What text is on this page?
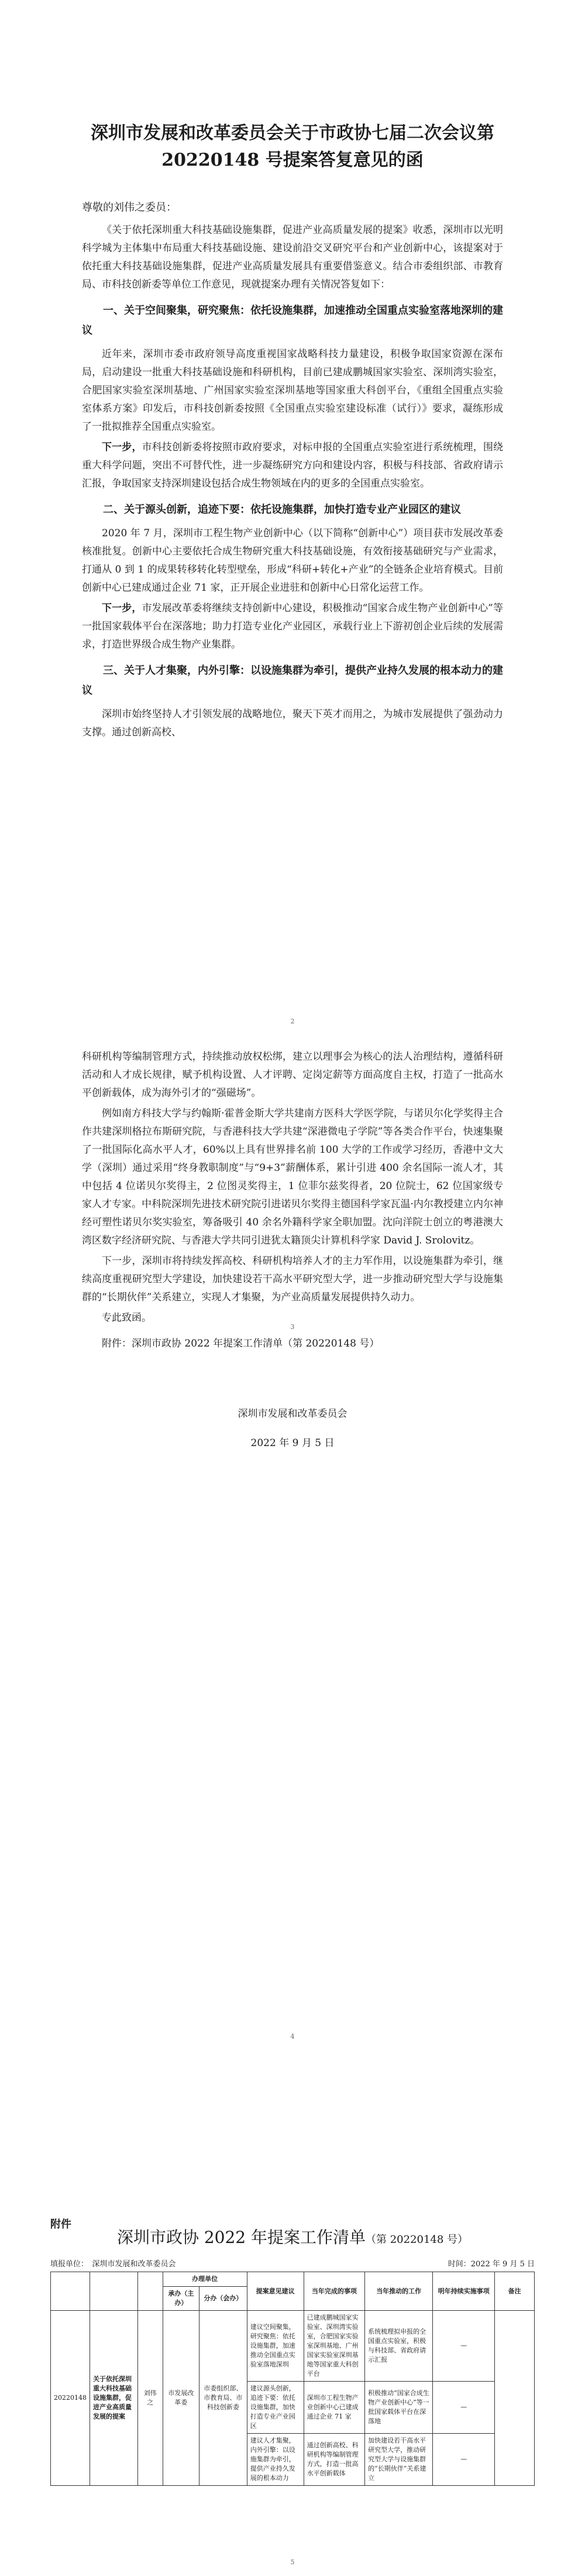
深圳市发展和改革委员会关于市政协七届二次会议第 20220148 号提案答复意见的函
尊敬的刘伟之委员：

《关于依托深圳重大科技基础设施集群，促进产业高质量发展的提案》收悉，深圳市以光明科学城为主体集中布局重大科技基础设施、建设前沿交叉研究平台和产业创新中心，该提案对于依托重大科技基础设施集群，促进产业高质量发展具有重要借鉴意义。结合市委组织部、市教育局、市科技创新委等单位工作意见，现就提案办理有关情况答复如下：

一、关于空间聚集，研究聚焦：依托设施集群，加速推动全国重点实验室落地深圳的建议

近年来，深圳市委市政府领导高度重视国家战略科技力量建设，积极争取国家资源在深布局，启动建设一批重大科技基础设施和科研机构，目前已建成鹏城国家实验室、深圳湾实验室，合肥国家实验室深圳基地、广州国家实验室深圳基地等国家重大科创平台，《重组全国重点实验室体系方案》印发后，市科技创新委按照《全国重点实验室建设标准（试行）》要求，凝练形成了一批拟推荐全国重点实验室。

下一步，市科技创新委将按照市政府要求，对标申报的全国重点实验室进行系统梳理，围绕重大科学问题，突出不可替代性，进一步凝练研究方向和建设内容，积极与科技部、省政府请示汇报，争取国家支持深圳建设包括合成生物领域在内的更多的全国重点实验室。

二、关于源头创新，追迹下要：依托设施集群，加快打造专业产业园区的建议

2020 年 7 月，深圳市工程生物产业创新中心（以下简称“创新中心”）项目获市发展改革委核准批复。创新中心主要依托合成生物研究重大科技基础设施，有效衔接基础研究与产业需求，打通从 0 到 1 的成果转移转化转型壁垒，形成“科研+转化+产业”的全链条企业培育模式。目前创新中心已建成通过企业 71 家，正开展企业进驻和创新中心日常化运营工作。

下一步，市发展改革委将继续支持创新中心建设，积极推动“国家合成生物产业创新中心”等一批国家载体平台在深落地；助力打造专业化产业园区，承载行业上下游初创企业后续的发展需求，打造世界级合成生物产业集群。

三、关于人才集聚，内外引擎：以设施集群为牵引，提供产业持久发展的根本动力的建议

深圳市始终坚持人才引领发展的战略地位，聚天下英才而用之，为城市发展提供了强劲动力支撑。通过创新高校、

2

科研机构等编制管理方式，持续推动放权松绑，建立以理事会为核心的法人治理结构，遵循科研活动和人才成长规律，赋予机构设置、人才评聘、定岗定薪等方面高度自主权，打造了一批高水平创新载体，成为海外引才的“强磁场”。

例如南方科技大学与约翰斯·霍普金斯大学共建南方医科大学医学院，与诺贝尔化学奖得主合作共建深圳格拉布斯研究院，与香港科技大学共建“深港微电子学院”等各类合作平台，快速集聚了一批国际化高水平人才，60%以上具有世界排名前 100 大学的工作或学习经历，香港中文大学（深圳）通过采用“终身教职制度”与“9+3”薪酬体系，累计引进 400 余名国际一流人才，其中包括 4 位诺贝尔奖得主，2 位图灵奖得主，1 位菲尔兹奖得者，20 位院士，62 位国家级专家人才专家。中科院深圳先进技术研究院引进诺贝尔奖得主德国科学家瓦温·内尔教授建立内尔神经可塑性诺贝尔奖实验室，筹备吸引 40 余名外籍科学家全职加盟。沈向洋院士创立的粤港澳大湾区数字经济研究院、与香港大学共同引进犹太籍顶尖计算机科学家 David J. Srolovitz。

下一步，深圳市将持续发挥高校、科研机构培养人才的主力军作用，以设施集群为牵引，继续高度重视研究型大学建设，加快建设若干高水平研究型大学，进一步推动研究型大学与设施集群的“长期伙伴”关系建立，实现人才集聚，为产业高质量发展提供持久动力。

专此致函。

附件：深圳市政协 2022 年提案工作清单（第 20220148 号）
深圳市发展和改革委员会
2022 年 9 月 5 日
3
4
附件
深圳市政协 2022 年提案工作清单（第 20220148 号）
填报单位：　深圳市发展和改革委员会	时间：2022 年 9 月 5 日
			办理单位		提案意见建议	当年完成的事项	当年推动的工作	明年持续实施事项	备注
			承办（主办）	分办（会办）					
20220148	关于依托深圳重大科技基础设施集群，促进产业高质量发展的提案	刘伟之	市发展改革委	市委组织部、市教育局、市科技创新委	建议空间聚集，研究聚焦：依托设施集群，加速推动全国重点实验室落地深圳	已建成鹏城国家实验室、深圳湾实验室，合肥国家实验室深圳基地、广州国家实验室深圳基地等国家重大科创平台	系统梳理拟申报的全国重点实验室，积极与科技部、省政府请示汇报	—	
					建议源头创新，追迹下要：依托设施集群，加快打造专业产业园区	深圳市工程生物产业创新中心已建成通过企业 71 家	积极推动“国家合成生物产业创新中心”等一批国家载体平台在深落地	—	
					建议人才集聚，内外引擎：以设施集群为牵引，提供产业持久发展的根本动力	通过创新高校、科研机构等编制管理方式，打造一批高水平创新载体	加快建设若干高水平研究型大学，推动研究型大学与设施集群的“长期伙伴”关系建立	—	
5
